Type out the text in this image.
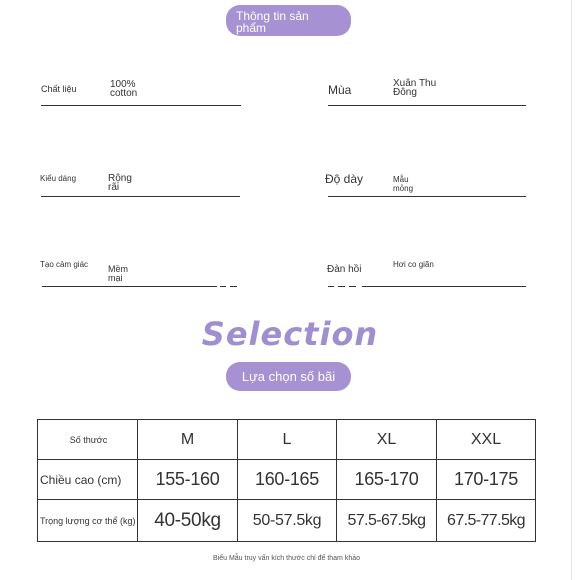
Thông tin sản phẩm
Chất liệu	100% cotton	Mùa	Xuân Thu Đông
Kiểu dáng	Rộng rãi
Độ dày	Mẫu mỏng
Tạo cảm giác	Mềm mại
Đàn hồi	Hơi co giãn
Selection
Lựa chọn số bãi
Số thước	M	L	XL	XXL
Chiều cao (cm)	155-160	160-165	165-170	170-175
Trọng lượng cơ thể (kg)	40-50kg	50-57.5kg	57.5-67.5kg	67.5-77.5kg
Biểu Mẫu truy vấn kích thước chỉ để tham khảo
